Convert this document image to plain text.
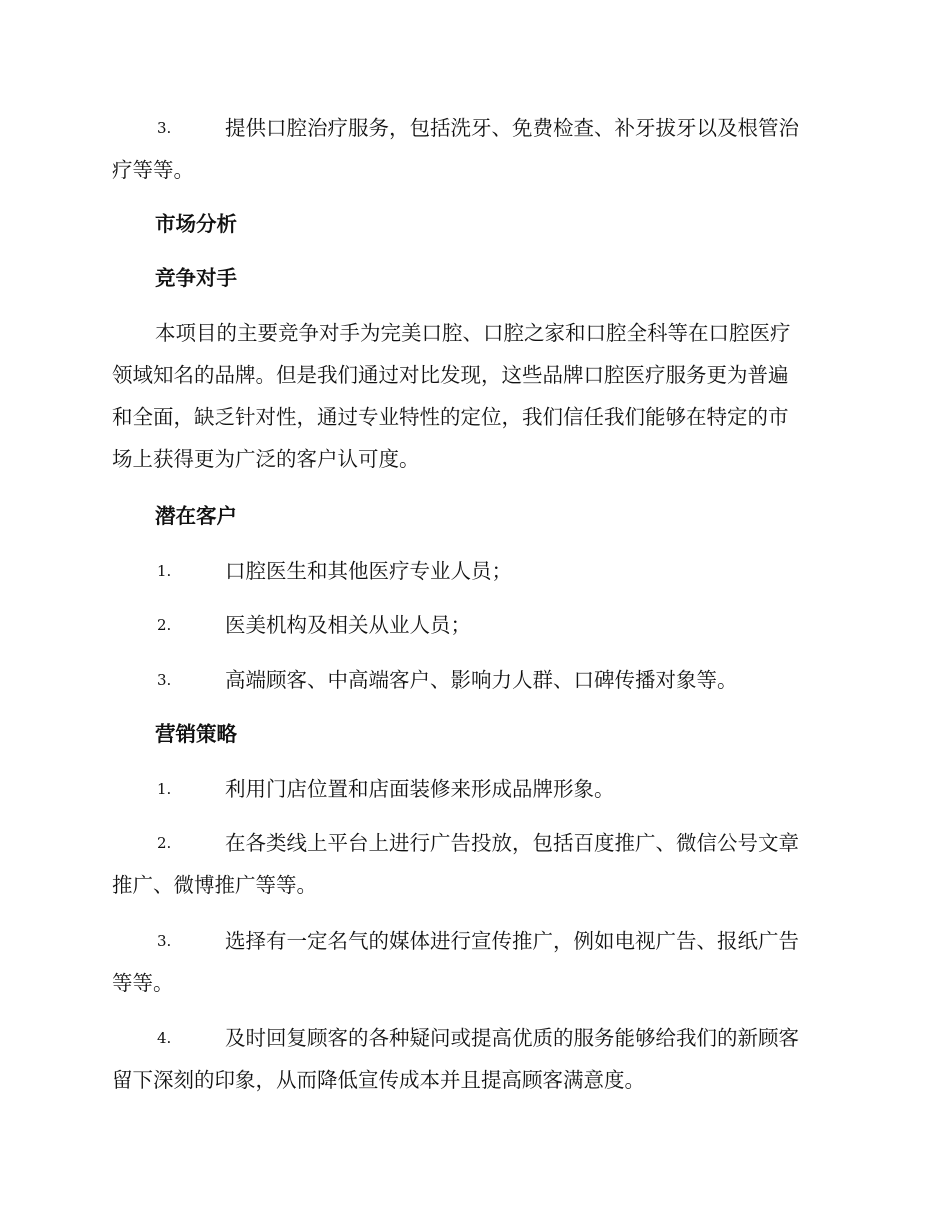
3.	提供口腔治疗服务，包括洗牙、免费检查、补牙拔牙以及根管治
疗等等。
市场分析
竞争对手
本项目的主要竞争对手为完美口腔、口腔之家和口腔全科等在口腔医疗
领域知名的品牌。但是我们通过对比发现，这些品牌口腔医疗服务更为普遍
和全面，缺乏针对性，通过专业特性的定位，我们信任我们能够在特定的市
场上获得更为广泛的客户认可度。
潜在客户
1.	口腔医生和其他医疗专业人员；
2.	医美机构及相关从业人员；
3.	高端顾客、中高端客户、影响力人群、口碑传播对象等。
营销策略
1.	利用门店位置和店面装修来形成品牌形象。
2.	在各类线上平台上进行广告投放，包括百度推广、微信公号文章
推广、微博推广等等。
3.	选择有一定名气的媒体进行宣传推广，例如电视广告、报纸广告
等等。
4.	及时回复顾客的各种疑问或提高优质的服务能够给我们的新顾客
留下深刻的印象，从而降低宣传成本并且提高顾客满意度。
